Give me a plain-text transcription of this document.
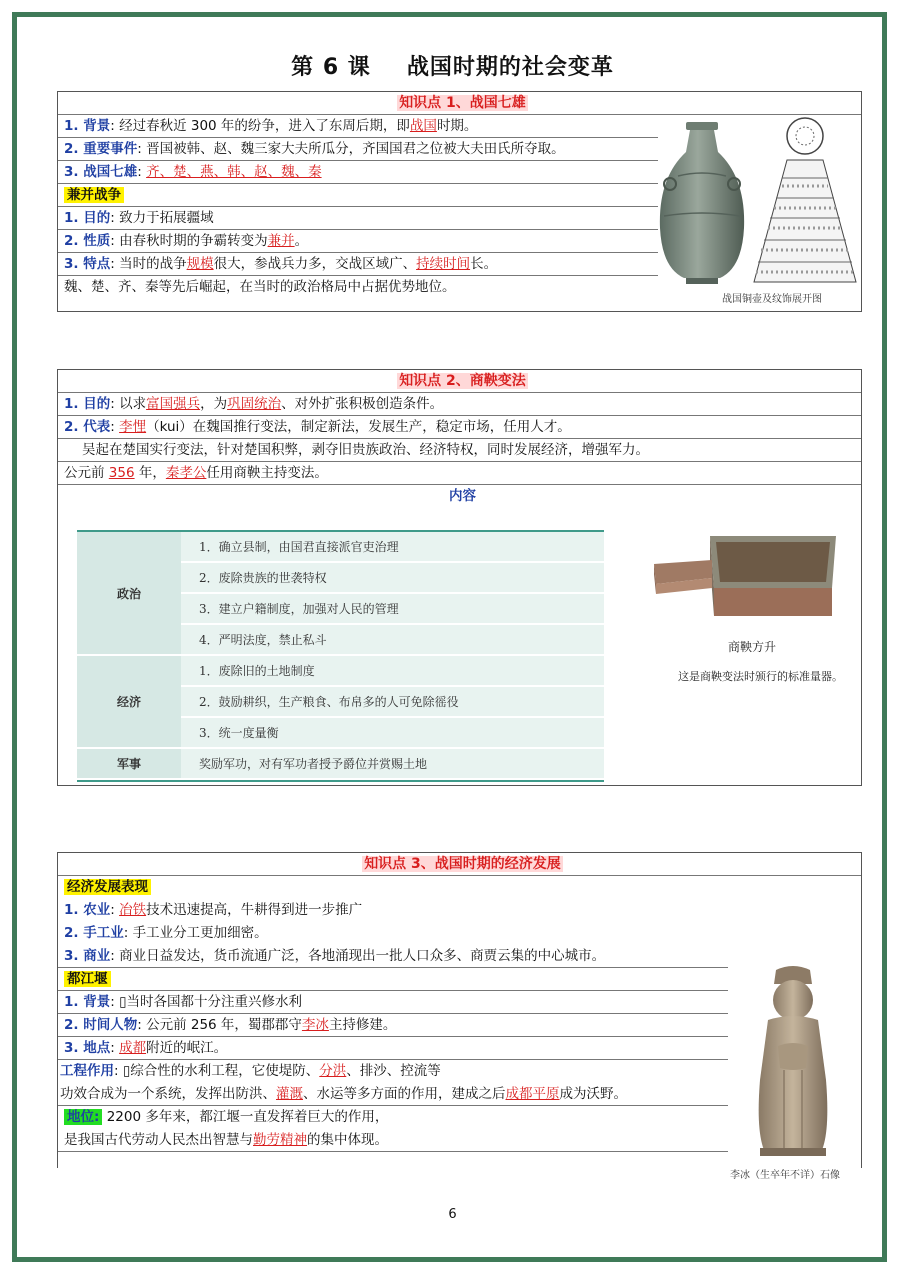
第 6 课 战国时期的社会变革
知识点 1、战国七雄
1. 背景: 经过春秋近 300 年的纷争，进入了东周后期，即战国时期。
2. 重要事件: 晋国被韩、赵、魏三家大夫所瓜分，齐国国君之位被大夫田氏所夺取。
3. 战国七雄: 齐、楚、燕、韩、赵、魏、秦
兼并战争
1. 目的: 致力于拓展疆域
2. 性质: 由春秋时期的争霸转变为兼并。
3. 特点: 当时的战争规模很大，参战兵力多，交战区域广、持续时间长。
魏、楚、齐、秦等先后崛起，在当时的政治格局中占据优势地位。
战国铜壶及纹饰展开图
知识点 2、商鞅变法
1. 目的: 以求富国强兵，为巩固统治、对外扩张积极创造条件。
2. 代表: 李悝（kui）在魏国推行变法，制定新法，发展生产，稳定市场，任用人才。
吴起在楚国实行变法，针对楚国积弊，剥夺旧贵族政治、经济特权，同时发展经济，增强军力。
公元前 356 年，秦孝公任用商鞅主持变法。
内容
政治	1．确立县制，由国君直接派官吏治理
	2．废除贵族的世袭特权
	3．建立户籍制度，加强对人民的管理
	4．严明法度，禁止私斗
经济	1．废除旧的土地制度
	2．鼓励耕织，生产粮食、布帛多的人可免除徭役
	3．统一度量衡
军事	奖励军功，对有军功者授予爵位并赏赐土地
商鞅方升
这是商鞅变法时颁行的标准量器。
知识点 3、战国时期的经济发展
经济发展表现
1. 农业: 冶铁技术迅速提高，牛耕得到进一步推广
2. 手工业: 手工业分工更加细密。
3. 商业: 商业日益发达，货币流通广泛，各地涌现出一批人口众多、商贾云集的中心城市。
都江堰
1. 背景: ▯当时各国都十分注重兴修水利
2. 时间人物: 公元前 256 年，蜀郡郡守李冰主持修建。
3. 地点: 成都附近的岷江。
工程作用: ▯综合性的水利工程，它使堤防、分洪、排沙、控流等
功效合成为一个系统，发挥出防洪、灌溉、水运等多方面的作用，建成之后成都平原成为沃野。
地位: 2200 多年来，都江堰一直发挥着巨大的作用，
是我国古代劳动人民杰出智慧与勤劳精神的集中体现。
李冰（生卒年不详）石像
6
